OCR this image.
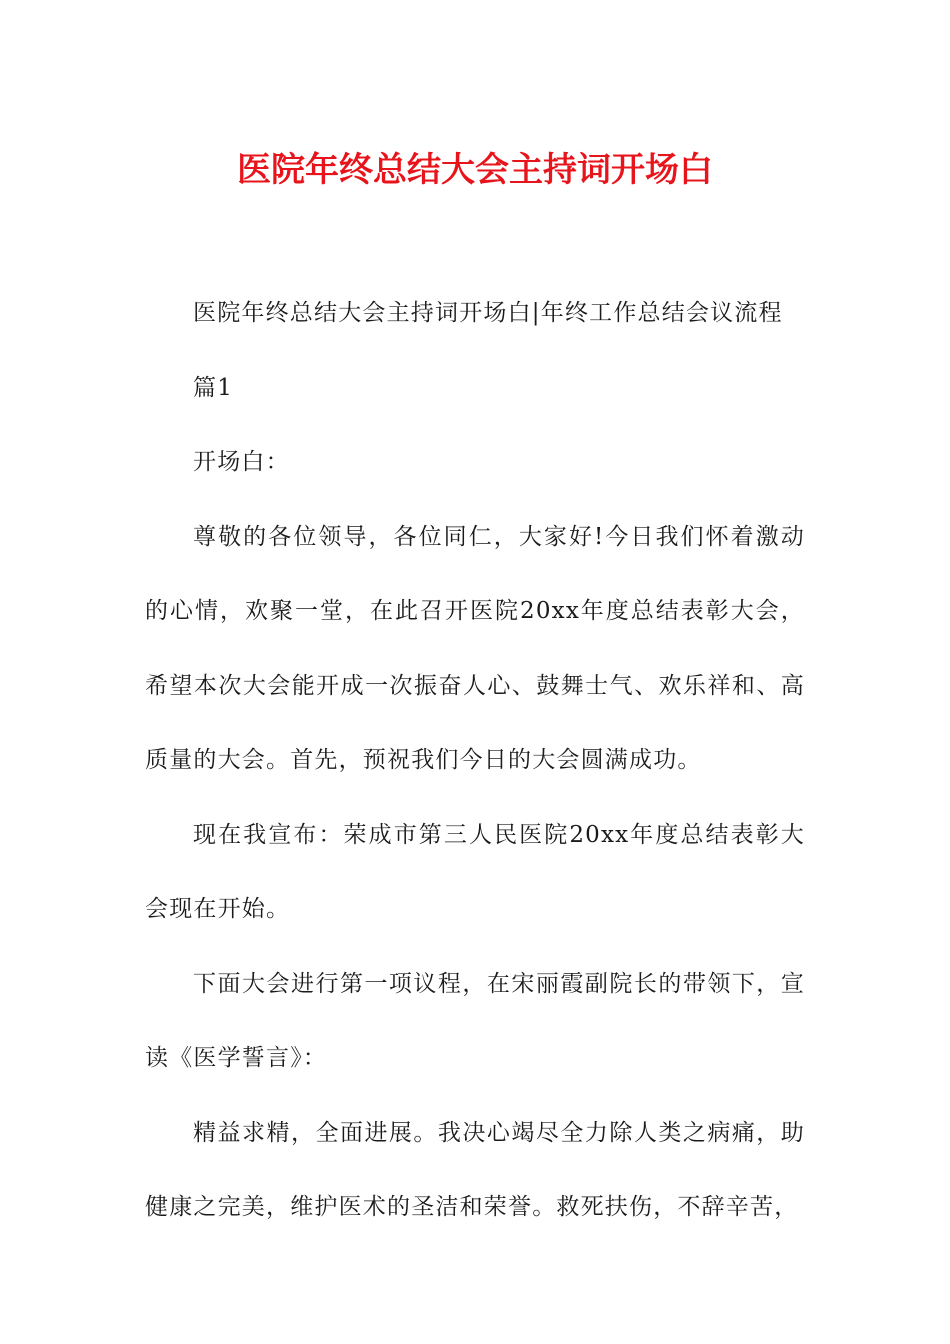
医院年终总结大会主持词开场白

医院年终总结大会主持词开场白|年终工作总结会议流程

篇1

开场白：

尊敬的各位领导，各位同仁，大家好!今日我们怀着激动的心情，欢聚一堂，在此召开医院20xx年度总结表彰大会，希望本次大会能开成一次振奋人心、鼓舞士气、欢乐祥和、高质量的大会。首先，预祝我们今日的大会圆满成功。

现在我宣布：荣成市第三人民医院20xx年度总结表彰大会现在开始。

下面大会进行第一项议程，在宋丽霞副院长的带领下，宣读《医学誓言》：

精益求精，全面进展。我决心竭尽全力除人类之病痛，助健康之完美，维护医术的圣洁和荣誉。救死扶伤，不辞辛苦，
